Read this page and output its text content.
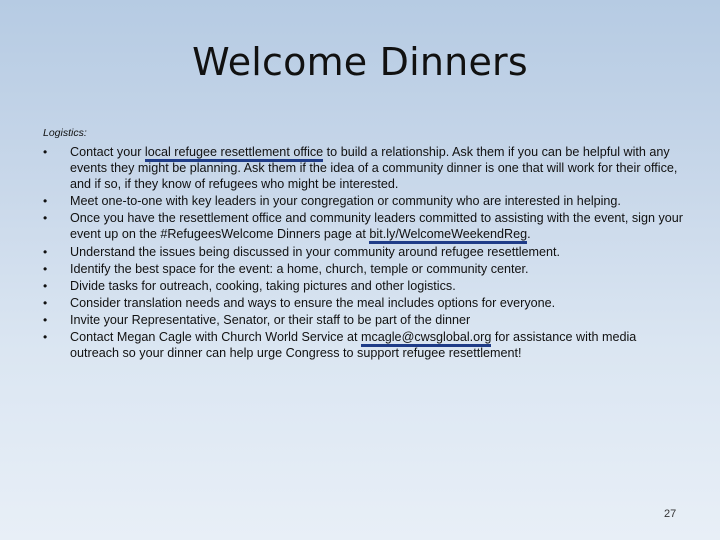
Welcome Dinners
Logistics:
• Contact your local refugee resettlement office to build a relationship. Ask them if you can be helpful with any events they might be planning. Ask them if the idea of a community dinner is one that will work for their office, and if so, if they know of refugees who might be interested.
• Meet one-to-one with key leaders in your congregation or community who are interested in helping.
• Once you have the resettlement office and community leaders committed to assisting with the event, sign your event up on the #RefugeesWelcome Dinners page at bit.ly/WelcomeWeekendReg.
• Understand the issues being discussed in your community around refugee resettlement.
• Identify the best space for the event: a home, church, temple or community center.
• Divide tasks for outreach, cooking, taking pictures and other logistics.
• Consider translation needs and ways to ensure the meal includes options for everyone.
• Invite your Representative, Senator, or their staff to be part of the dinner
• Contact Megan Cagle with Church World Service at mcagle@cwsglobal.org for assistance with media outreach so your dinner can help urge Congress to support refugee resettlement!
27
